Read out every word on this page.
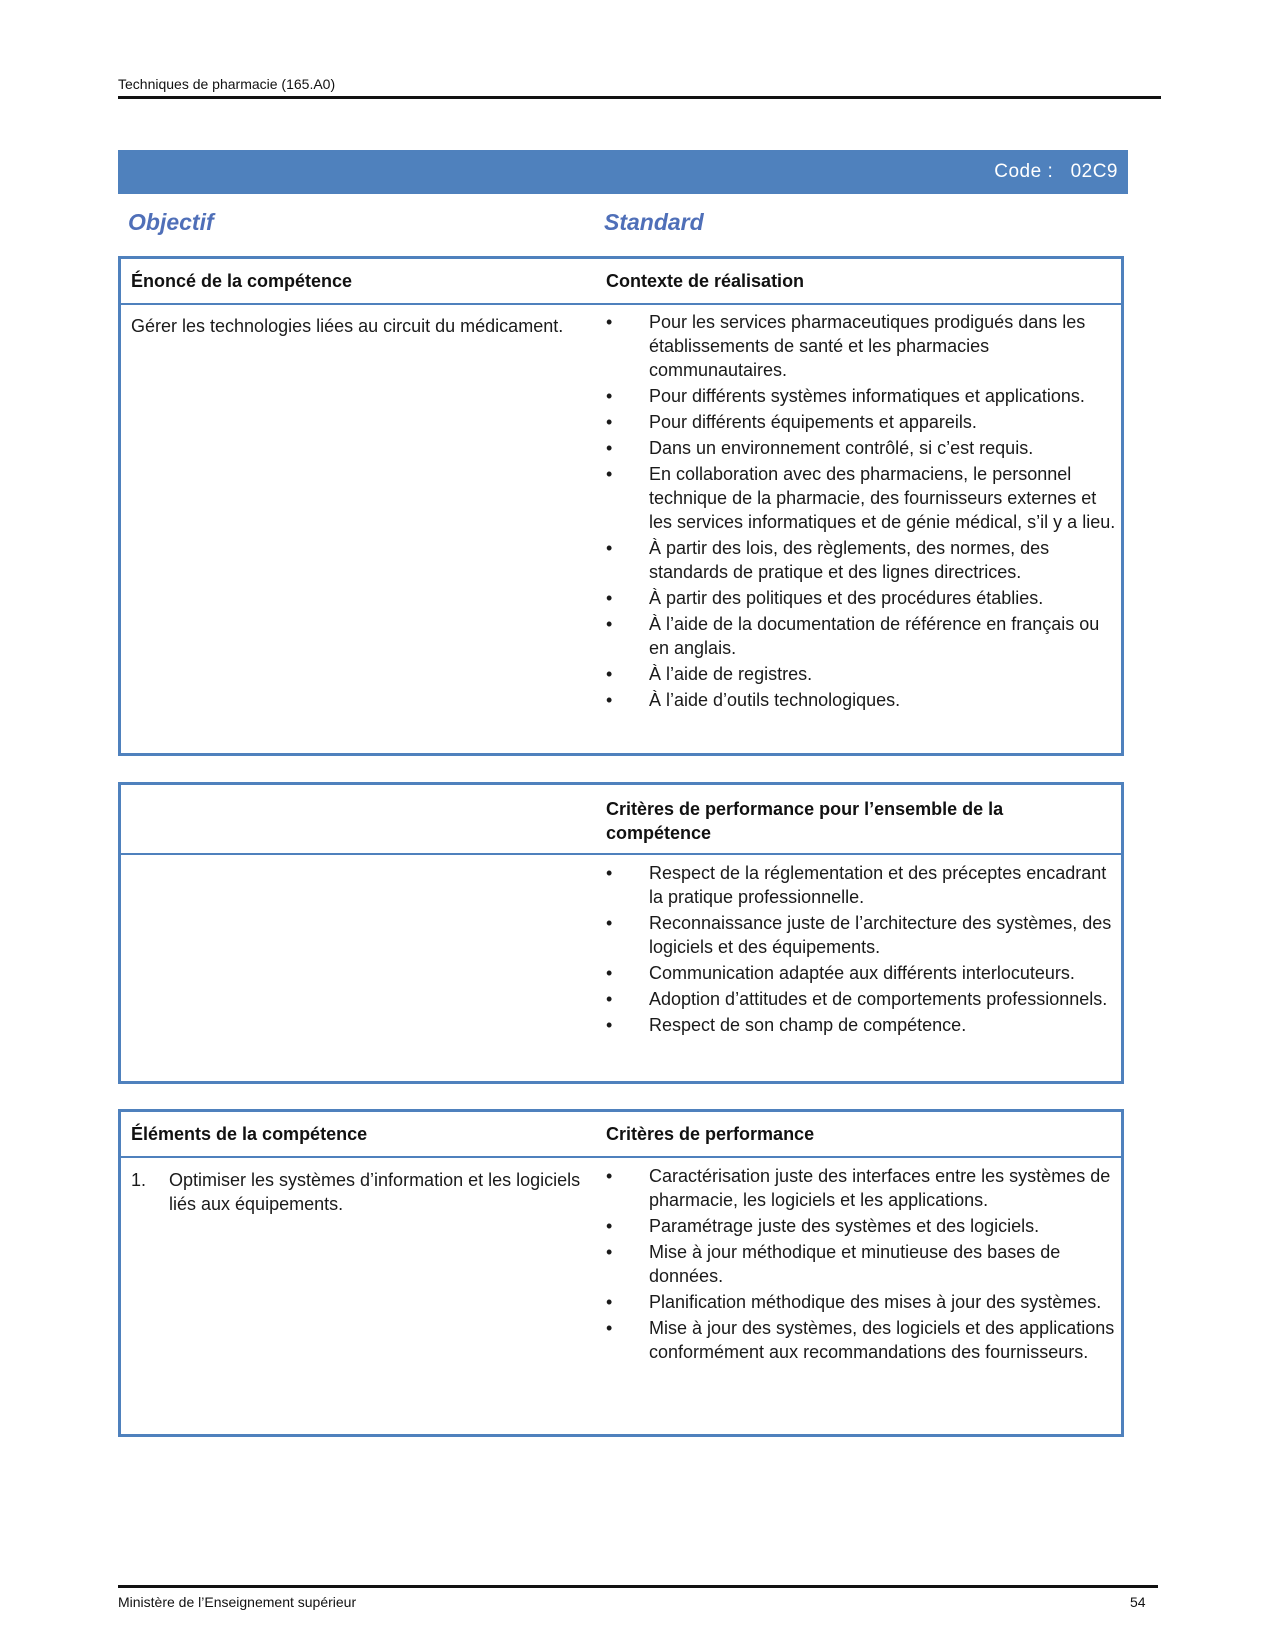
Techniques de pharmacie (165.A0)
Code :   02C9
Objectif	Standard
Énoncé de la compétence	Contexte de réalisation
Gérer les technologies liées au circuit du médicament.
•	Pour les services pharmaceutiques prodigués dans les établissements de santé et les pharmacies communautaires.
• Pour différents systèmes informatiques et applications.
• Pour différents équipements et appareils.
• Dans un environnement contrôlé, si c’est requis.
• En collaboration avec des pharmaciens, le personnel technique de la pharmacie, des fournisseurs externes et les services informatiques et de génie médical, s’il y a lieu.
• À partir des lois, des règlements, des normes, des standards de pratique et des lignes directrices.
• À partir des politiques et des procédures établies.
• À l’aide de la documentation de référence en français ou en anglais.
• À l’aide de registres.
• À l’aide d’outils technologiques.
Critères de performance pour l’ensemble de la compétence
• Respect de la réglementation et des préceptes encadrant la pratique professionnelle.
• Reconnaissance juste de l’architecture des systèmes, des logiciels et des équipements.
• Communication adaptée aux différents interlocuteurs.
• Adoption d’attitudes et de comportements professionnels.
• Respect de son champ de compétence.
Éléments de la compétence	Critères de performance
1. Optimiser les systèmes d’information et les logiciels liés aux équipements.
• Caractérisation juste des interfaces entre les systèmes de pharmacie, les logiciels et les applications.
• Paramétrage juste des systèmes et des logiciels.
• Mise à jour méthodique et minutieuse des bases de données.
• Planification méthodique des mises à jour des systèmes.
• Mise à jour des systèmes, des logiciels et des applications conformément aux recommandations des fournisseurs.
Ministère de l’Enseignement supérieur	54
